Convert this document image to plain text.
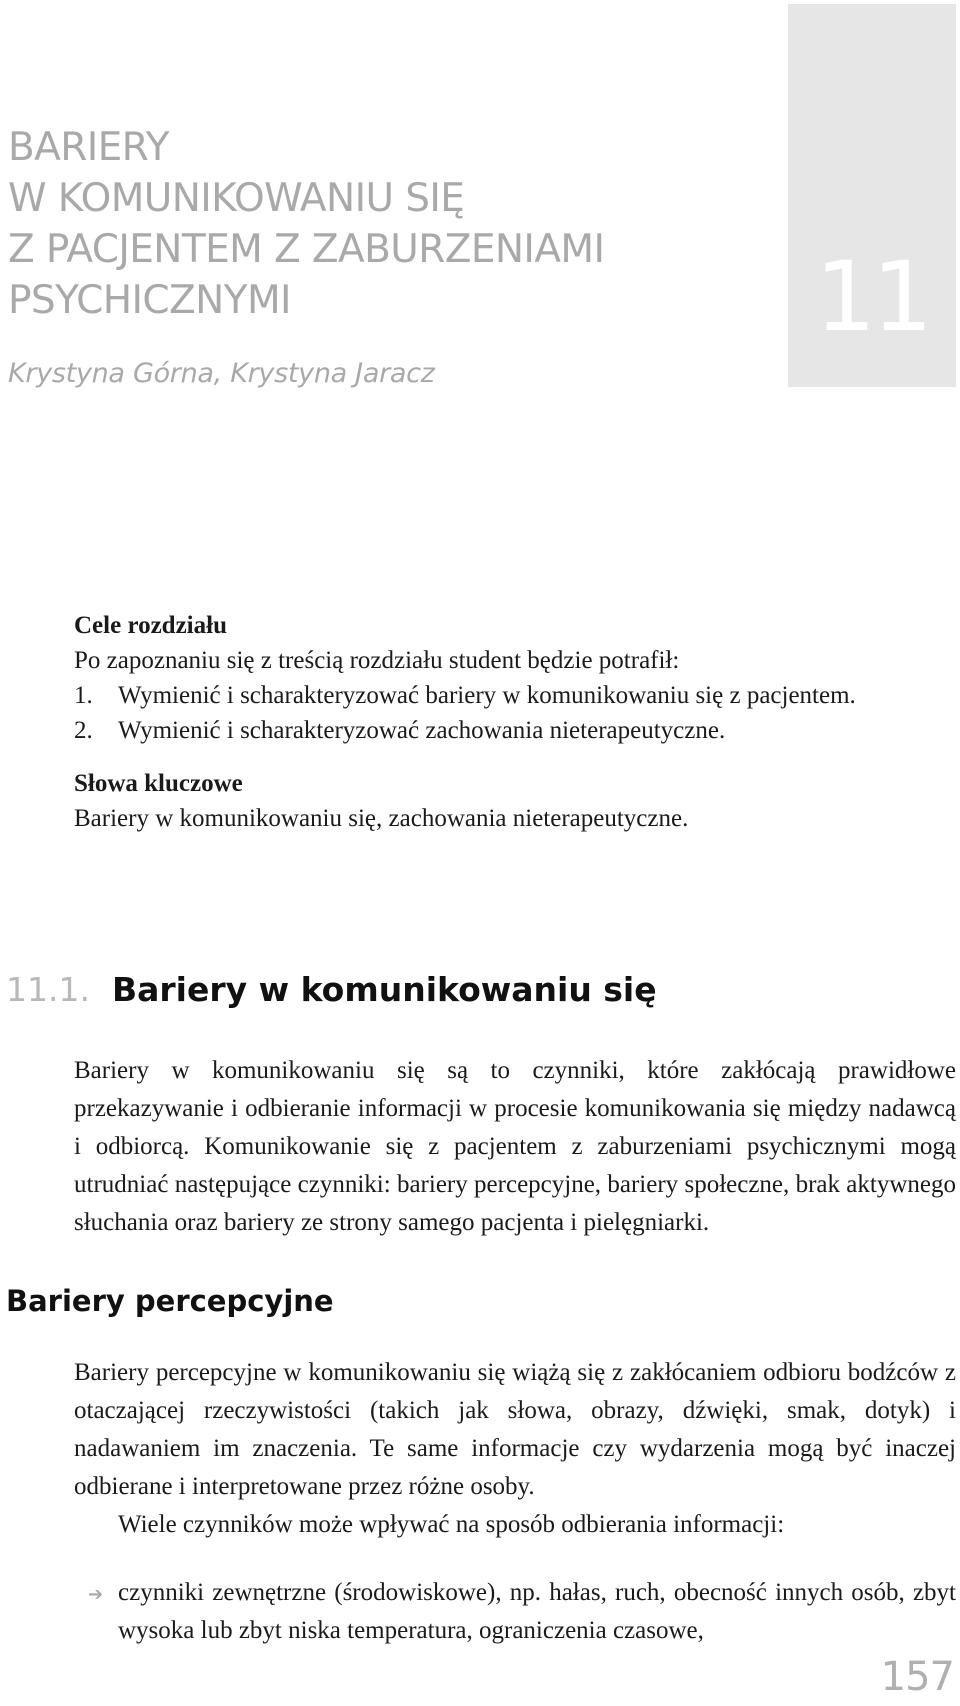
11
BARIERY
W KOMUNIKOWANIU SIĘ
Z PACJENTEM Z ZABURZENIAMI
PSYCHICZNYMI
Krystyna Górna, Krystyna Jaracz
Cele rozdziału
Po zapoznaniu się z treścią rozdziału student będzie potrafił:
1.	Wymienić i scharakteryzować bariery w komunikowaniu się z pacjentem.
2.	Wymienić i scharakteryzować zachowania nieterapeutyczne.
Słowa kluczowe
Bariery w komunikowaniu się, zachowania nieterapeutyczne.
11.1. Bariery w komunikowaniu się
Bariery w komunikowaniu się są to czynniki, które zakłócają prawidłowe przekazywanie i odbieranie informacji w procesie komunikowania się między nadawcą i odbiorcą. Komunikowanie się z pacjentem z zaburzeniami psychicznymi mogą utrudniać następujące czynniki: bariery percepcyjne, bariery społeczne, brak aktywnego słuchania oraz bariery ze strony samego pacjenta i pielęgniarki.
Bariery percepcyjne
Bariery percepcyjne w komunikowaniu się wiążą się z zakłócaniem odbioru bodźców z otaczającej rzeczywistości (takich jak słowa, obrazy, dźwięki, smak, dotyk) i nadawaniem im znaczenia. Te same informacje czy wydarzenia mogą być inaczej odbierane i interpretowane przez różne osoby.
Wiele czynników może wpływać na sposób odbierania informacji:
➔ czynniki zewnętrzne (środowiskowe), np. hałas, ruch, obecność innych osób, zbyt wysoka lub zbyt niska temperatura, ograniczenia czasowe,
157
